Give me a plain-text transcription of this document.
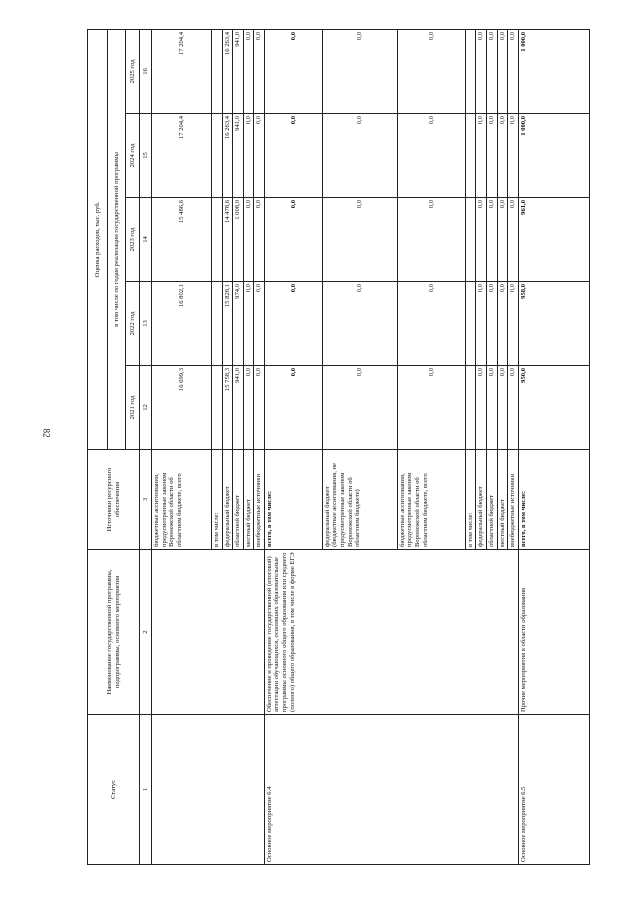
82
Статус	Наименование государственной программы, подпрограммы, основного мероприятия	Источники ресурсного обеспечения	Оценка расходов, тыс. руб.				
			в том числе по годам реализации государственной программы				
			2021 год	2022 год	2023 год	2024 год	2025 год
1	2	3	12	13	14	15	16
		бюджетные ассигнования, предусмотренные законом Воронежской области об областном бюджете, всего	16 699,3	16 802,1	15 486,6	17 204,4	17 204,4
		в том числе:					
		федеральный бюджет	15 758,3	15 828,1	14 478,6	16 263,4	16 263,4
		областной бюджет	941,0	974,0	1 008,0	941,0	941,0
		местный бюджет	0,0	0,0	0,0	0,0	0,0
		внебюджетные источники	0,0	0,0	0,0	0,0	0,0
Основное мероприятие 6.4	Обеспечение и проведение государственной (итоговой) аттестации обучающихся, освоивших образовательные программы основного общего образования или среднего (полного) общего образования, в том числе в форме ЕГЭ	всего, в том числе:	0,0	0,0	0,0	0,0	0,0
		федеральный бюджет (бюджетные ассигнования, не предусмотренные законом Воронежской области об областном бюджете)	0,0	0,0	0,0	0,0	0,0
		бюджетные ассигнования, предусмотренные законом Воронежской области об областном бюджете, всего	0,0	0,0	0,0	0,0	0,0
		в том числе:					
		федеральный бюджет	0,0	0,0	0,0	0,0	0,0
		областной бюджет	0,0	0,0	0,0	0,0	0,0
		местный бюджет	0,0	0,0	0,0	0,0	0,0
		внебюджетные источники	0,0	0,0	0,0	0,0	0,0
Основное мероприятие 6.5	Прочие мероприятия в области образования	всего, в том числе:	950,0	958,0	961,0	1 000,0	1 000,0
